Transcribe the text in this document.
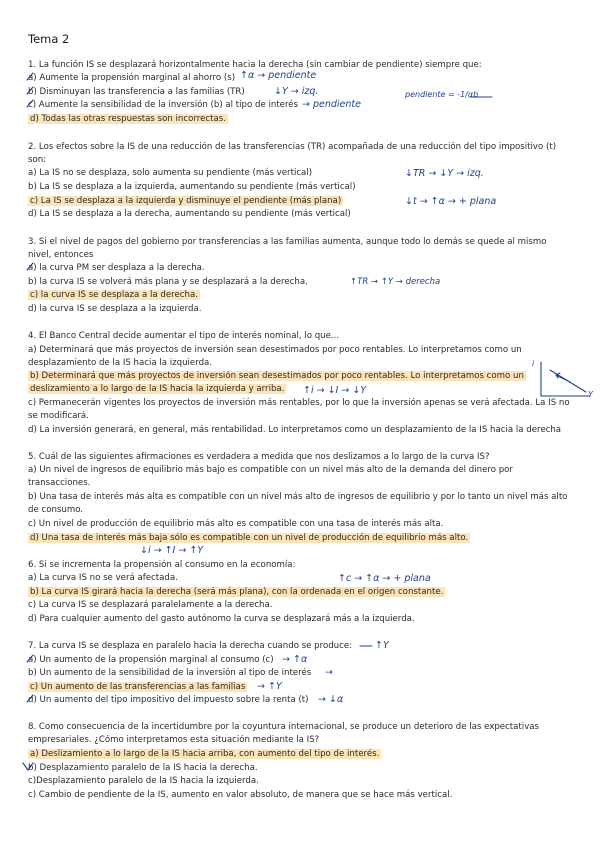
Tema 2
1. La función IS se desplazará horizontalmente hacia la derecha (sin cambiar de pendiente) siempre que:
a) Aumente la propensión marginal al ahorro (s)
b) Disminuyan las transferencia a las familias (TR)
c) Aumente la sensibilidad de la inversión (b) al tipo de interés
d) Todas las otras respuestas son incorrectas.
↑α → pendiente
↓Y → izq.
→ pendiente
pendiente = -1/αb
2. Los efectos sobre la IS de una reducción de las transferencias (TR) acompañada de una reducción del tipo impositivo (t)
son:
a) La IS no se desplaza, solo aumenta su pendiente (más vertical)
b) La IS se desplaza a la izquierda, aumentando su pendiente (más vertical)
c) La IS se desplaza a la izquierda y disminuye el pendiente (más plana)
d) La IS se desplaza a la derecha, aumentando su pendiente (más vertical)
↓TR → ↓Y → izq.
↓t → ↑α → + plana
3. Si el nivel de pagos del gobierno por transferencias a las familias aumenta, aunque todo lo demás se quede al mismo
nivel, entonces
a) la curva PM ser desplaza a la derecha.
b) la curva IS se volverá más plana y se desplazará a la derecha.
c) la curva IS se desplaza a la derecha.
d) la curva IS se desplaza a la izquierda.
↑TR → ↑Y → derecha
4. El Banco Central decide aumentar el tipo de interés nominal, lo que...
a) Determinará que más proyectos de inversión sean desestimados por poco rentables. Lo interpretamos como un
desplazamiento de la IS hacia la izquierda.
b) Determinará que más proyectos de inversión sean desestimados por poco rentables. Lo interpretamos como un
deslizamiento a lo largo de la IS hacia la izquierda y arriba.
c) Permanecerán vigentes los proyectos de inversión más rentables, por lo que la inversión apenas se verá afectada. La IS no
se modificará.
d) La inversión generará, en general, más rentabilidad. Lo interpretamos como un desplazamiento de la IS hacia la derecha
↑i → ↓I → ↓Y
i
Y
5. Cuál de las siguientes afirmaciones es verdadera a medida que nos deslizamos a lo largo de la curva IS?
a) Un nivel de ingresos de equilibrio más bajo es compatible con un nivel más alto de la demanda del dinero por
transacciones.
b) Una tasa de interés más alta es compatible con un nivel más alto de ingresos de equilibrio y por lo tanto un nivel más alto
de consumo.
c) Un nivel de producción de equilibrio más alto es compatible con una tasa de interés más alta.
d) Una tasa de interés más baja sólo es compatible con un nivel de producción de equilibrio más alto.
↓i → ↑I → ↑Y
6. Si se incrementa la propensión al consumo en la economía:
a) La curva IS no se verá afectada.
b) La curva IS girará hacia la derecha (será más plana), con la ordenada en el origen constante.
c) La curva IS se desplazará paralelamente a la derecha.
d) Para cualquier aumento del gasto autónomo la curva se desplazará más a la izquierda.
↑c → ↑α → + plana
7. La curva IS se desplaza en paralelo hacia la derecha cuando se produce:
a) Un aumento de la propensión marginal al consumo (c)
b) Un aumento de la sensibilidad de la inversión al tipo de interés
c) Un aumento de las transferencias a las familias
d) Un aumento del tipo impositivo del impuesto sobre la renta (t)
↑Y
→ ↑α
→
→ ↑Y
→ ↓α
8. Como consecuencia de la incertidumbre por la coyuntura internacional, se produce un deterioro de las expectativas
empresariales. ¿Cómo interpretamos esta situación mediante la IS?
a) Deslizamiento a lo largo de la IS hacia arriba, con aumento del tipo de interés.
b) Desplazamiento paralelo de la IS hacia la derecha.
c)Desplazamiento paralelo de la IS hacia la izquierda.
c) Cambio de pendiente de la IS, aumento en valor absoluto, de manera que se hace más vertical.
